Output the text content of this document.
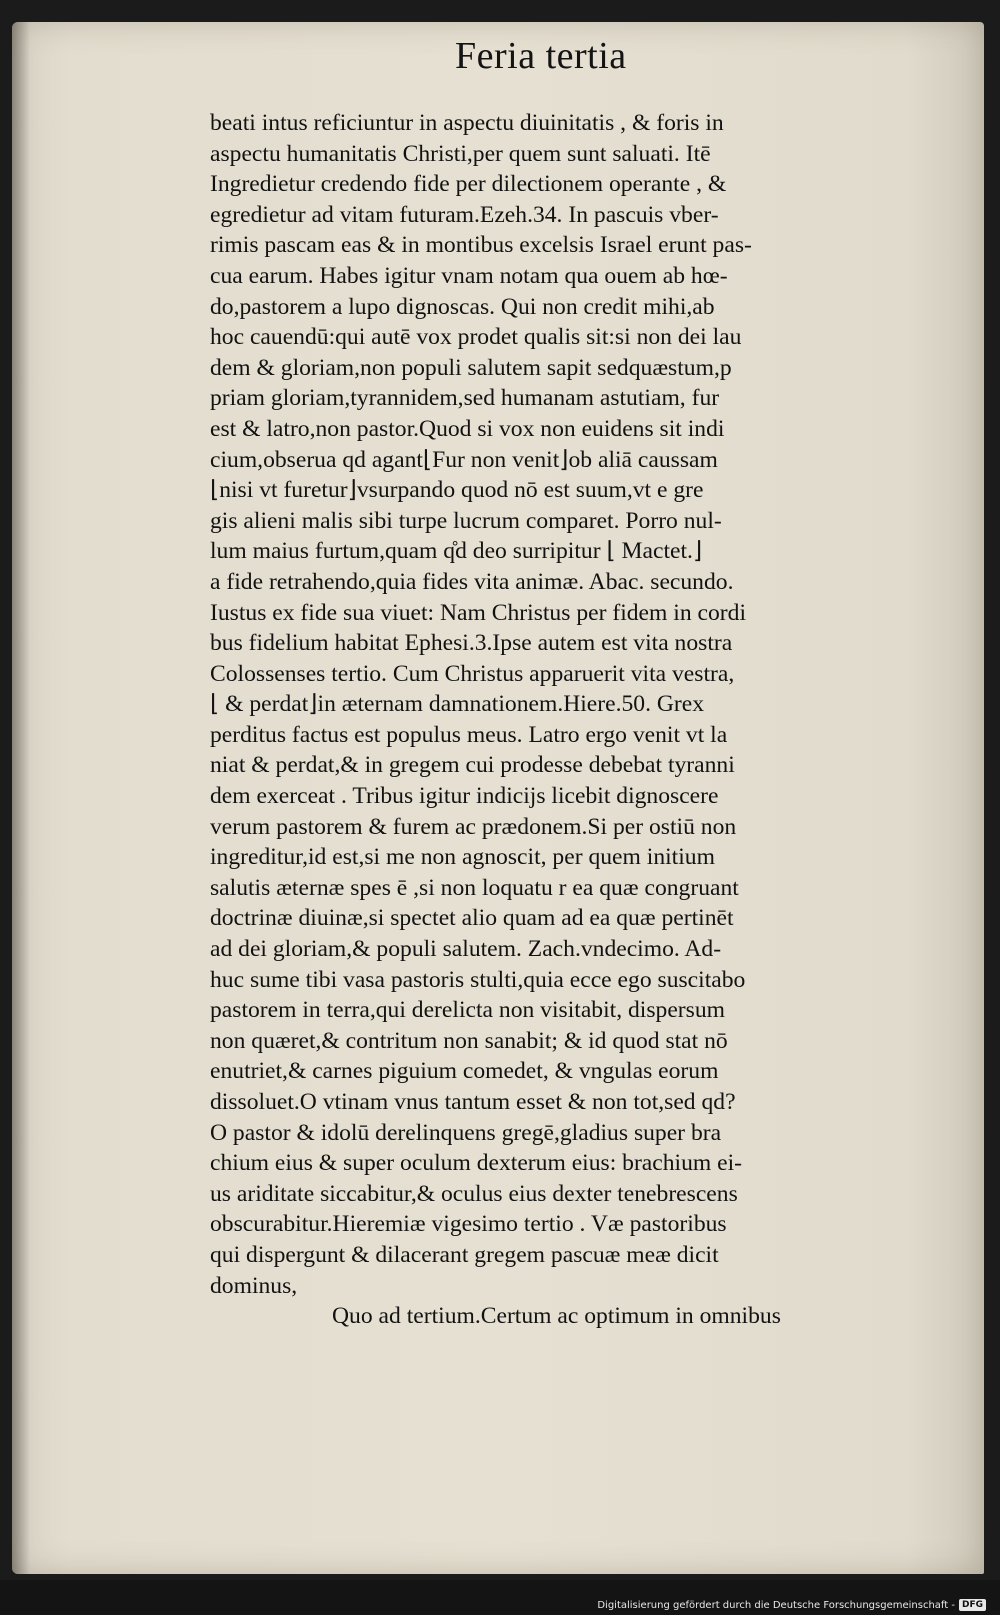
Feria tertia
beati intus reficiuntur in aspectu diuinitatis , & foris in
aspectu humanitatis Christi,per quem sunt saluati. Itē
Ingredietur credendo fide per dilectionem operante , &
egredietur ad vitam futuram.Ezeh.34. In pascuis vber-
rimis pascam eas & in montibus excelsis Israel erunt pas-
cua earum. Habes igitur vnam notam qua ouem ab hœ-
do,pastorem a lupo dignoscas. Qui non credit mihi,ab
hoc cauendū:qui autē vox prodet qualis sit:si non dei lau
dem & gloriam,non populi salutem sapit sedquæstum,p
priam gloriam,tyrannidem,sed humanam astutiam, fur
est & latro,non pastor.Quod si vox non euidens sit indi
cium,obserua qd agant⌊Fur non venit⌋ob aliā caussam
⌊nisi vt furetur⌋vsurpando quod nō est suum,vt e gre
gis alieni malis sibi turpe lucrum comparet. Porro nul-
lum maius furtum,quam q̊d deo surripitur ⌊ Mactet.⌋
a fide retrahendo,quia fides vita animæ. Abac. secundo.
Iustus ex fide sua viuet: Nam Christus per fidem in cordi
bus fidelium habitat Ephesi.3.Ipse autem est vita nostra
Colossenses tertio. Cum Christus apparuerit vita vestra,
⌊ & perdat⌋in æternam damnationem.Hiere.50. Grex
perditus factus est populus meus. Latro ergo venit vt la
niat & perdat,& in gregem cui prodesse debebat tyranni
dem exerceat . Tribus igitur indicijs licebit dignoscere
verum pastorem & furem ac prædonem.Si per ostiū non
ingreditur,id est,si me non agnoscit, per quem initium
salutis æternæ spes ē ,si non loquatu r ea quæ congruant
doctrinæ diuinæ,si spectet alio quam ad ea quæ pertinēt
ad dei gloriam,& populi salutem. Zach.vndecimo. Ad-
huc sume tibi vasa pastoris stulti,quia ecce ego suscitabo
pastorem in terra,qui derelicta non visitabit, dispersum
non quæret,& contritum non sanabit; & id quod stat nō
enutriet,& carnes piguium comedet, & vngulas eorum
dissoluet.O vtinam vnus tantum esset & non tot,sed qd?
O pastor & idolū derelinquens gregē,gladius super bra
chium eius & super oculum dexterum eius: brachium ei-
us ariditate siccabitur,& oculus eius dexter tenebrescens
obscurabitur.Hieremiæ vigesimo tertio . Væ pastoribus
qui dispergunt & dilacerant gregem pascuæ meæ dicit
dominus,
Quo ad tertium.Certum ac optimum in omnibus
Digitalisierung gefördert durch die Deutsche Forschungsgemeinschaft - DFG
